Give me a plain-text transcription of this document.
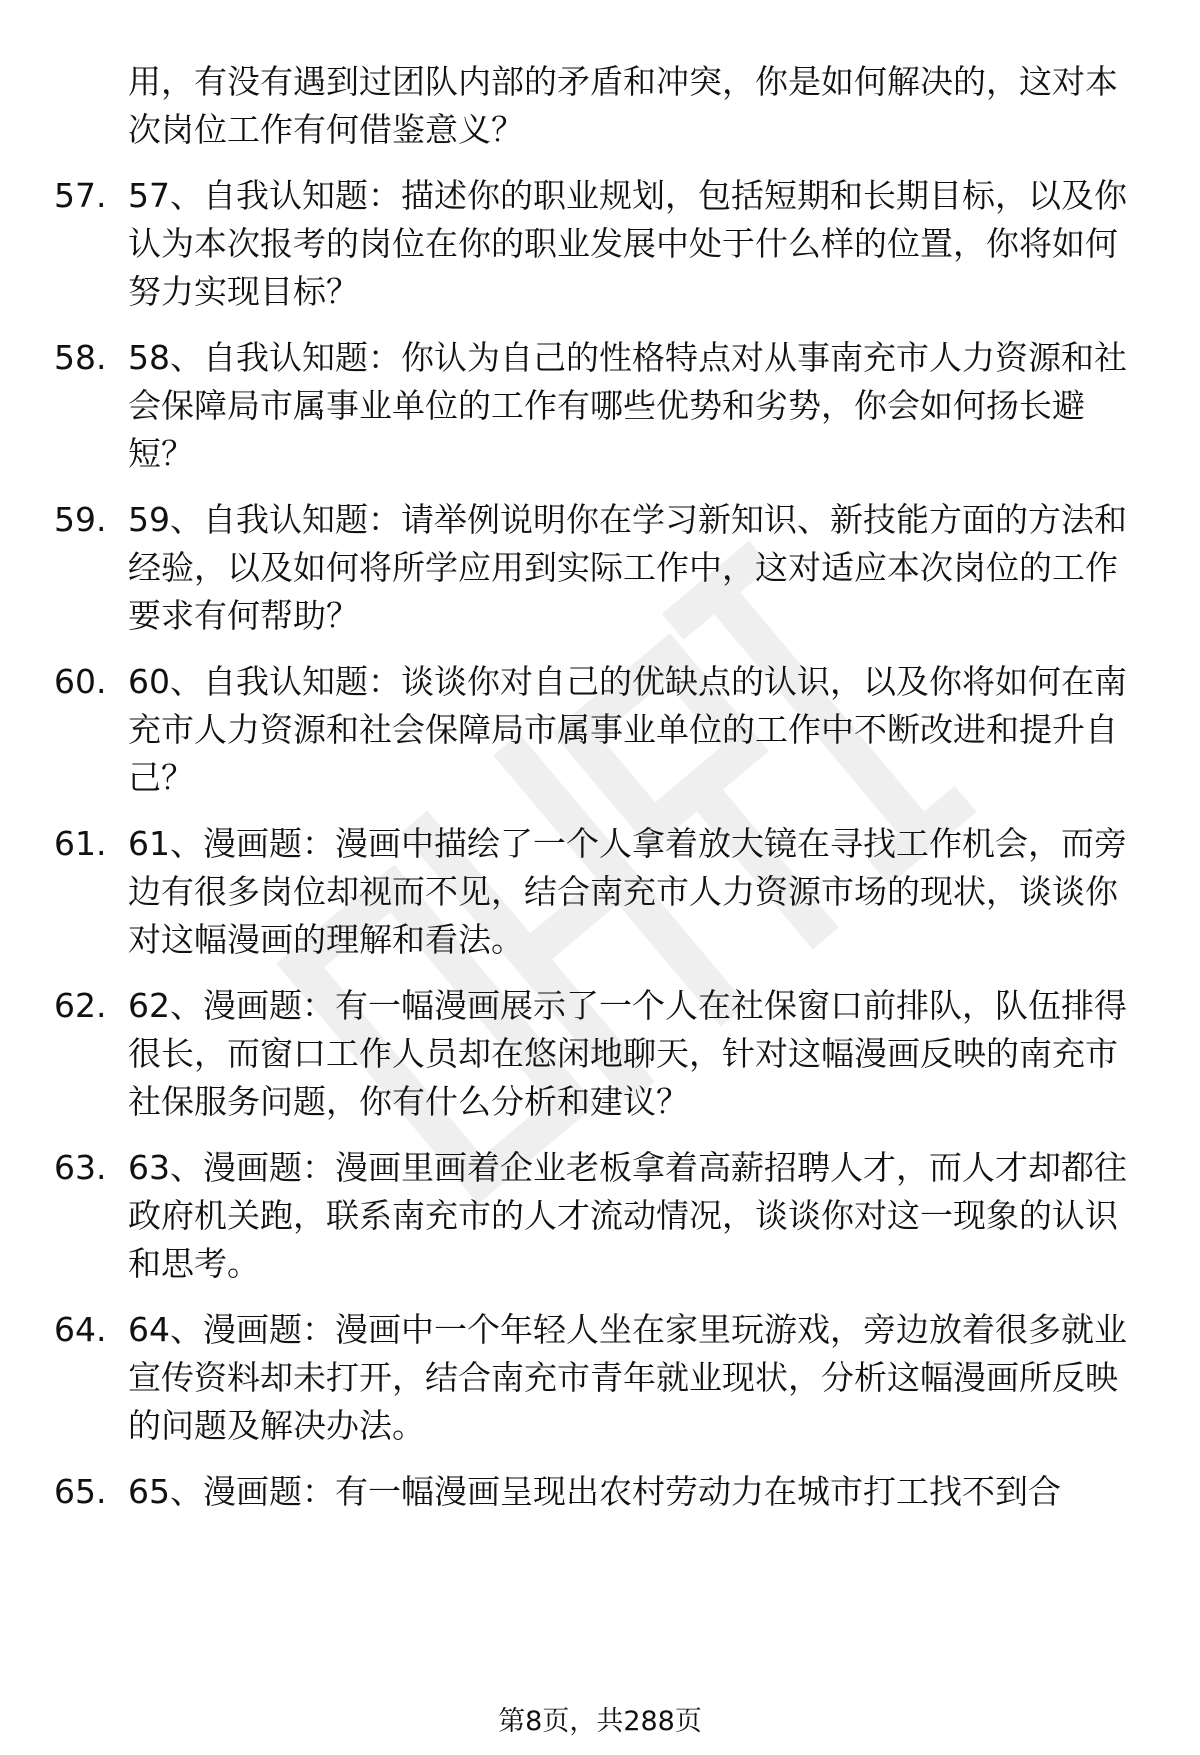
用，有没有遇到过团队内部的矛盾和冲突，你是如何解决的，这对本次岗位工作有何借鉴意义？

57. 57、自我认知题：描述你的职业规划，包括短期和长期目标，以及你认为本次报考的岗位在你的职业发展中处于什么样的位置，你将如何努力实现目标？

58. 58、自我认知题：你认为自己的性格特点对从事南充市人力资源和社会保障局市属事业单位的工作有哪些优势和劣势，你会如何扬长避短？

59. 59、自我认知题：请举例说明你在学习新知识、新技能方面的方法和经验，以及如何将所学应用到实际工作中，这对适应本次岗位的工作要求有何帮助？

60. 60、自我认知题：谈谈你对自己的优缺点的认识，以及你将如何在南充市人力资源和社会保障局市属事业单位的工作中不断改进和提升自己？

61. 61、漫画题：漫画中描绘了一个人拿着放大镜在寻找工作机会，而旁边有很多岗位却视而不见，结合南充市人力资源市场的现状，谈谈你对这幅漫画的理解和看法。

62. 62、漫画题：有一幅漫画展示了一个人在社保窗口前排队，队伍排得很长，而窗口工作人员却在悠闲地聊天，针对这幅漫画反映的南充市社保服务问题，你有什么分析和建议？

63. 63、漫画题：漫画里画着企业老板拿着高薪招聘人才，而人才却都往政府机关跑，联系南充市的人才流动情况，谈谈你对这一现象的认识和思考。

64. 64、漫画题：漫画中一个年轻人坐在家里玩游戏，旁边放着很多就业宣传资料却未打开，结合南充市青年就业现状，分析这幅漫画所反映的问题及解决办法。

65. 65、漫画题：有一幅漫画呈现出农村劳动力在城市打工找不到合

第8页，共288页
